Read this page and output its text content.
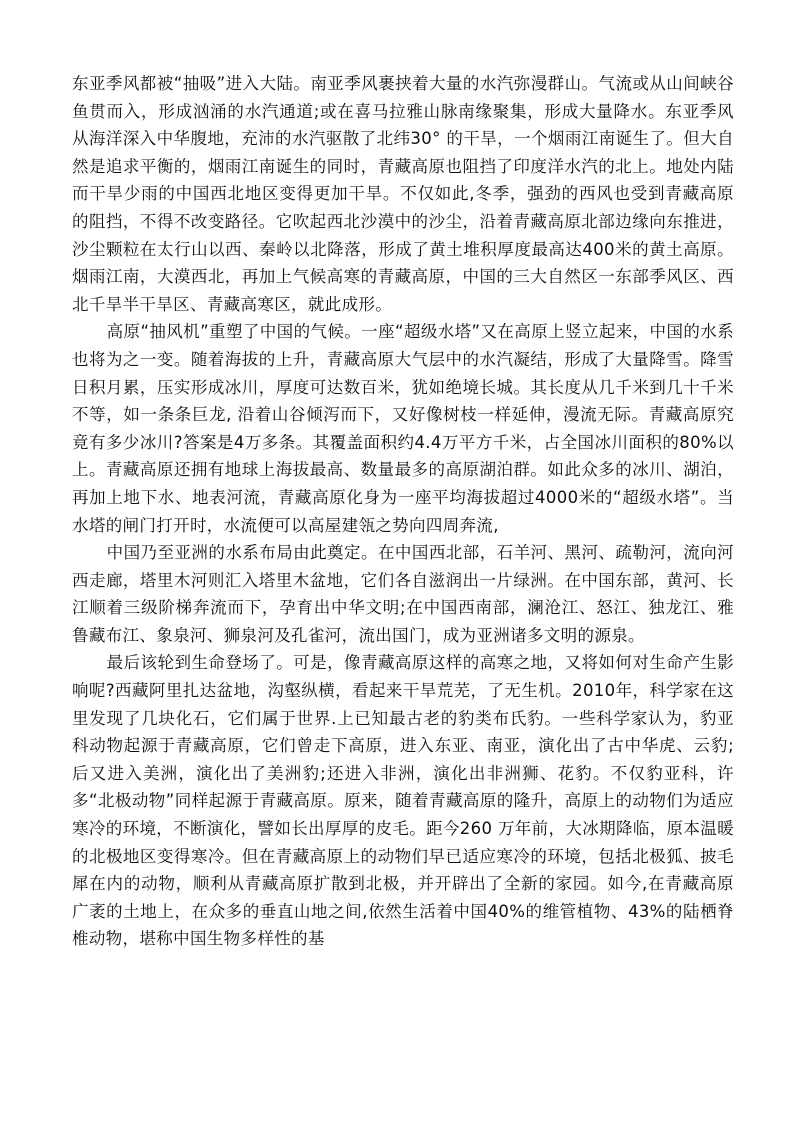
东亚季风都被“抽吸”进入大陆。南亚季风裹挟着大量的水汽弥漫群山。气流或从山间峡谷鱼贯而入，形成汹涌的水汽通道;或在喜马拉雅山脉南缘聚集，形成大量降水。东亚季风从海洋深入中华腹地，充沛的水汽驱散了北纬30° 的干旱，一个烟雨江南诞生了。但大自然是追求平衡的，烟雨江南诞生的同时，青藏高原也阻挡了印度洋水汽的北上。地处内陆而干旱少雨的中国西北地区变得更加干旱。不仅如此,冬季，强劲的西风也受到青藏高原的阻挡，不得不改变路径。它吹起西北沙漠中的沙尘，沿着青藏高原北部边缘向东推进，沙尘颗粒在太行山以西、秦岭以北降落，形成了黄土堆积厚度最高达400米的黄土高原。烟雨江南，大漠西北，再加上气候高寒的青藏高原，中国的三大自然区一东部季风区、西北千旱半干旱区、青藏高寒区，就此成形。

高原“抽风机”重塑了中国的气候。一座“超级水塔”又在高原上竖立起来，中国的水系也将为之一变。随着海拔的上升，青藏高原大气层中的水汽凝结，形成了大量降雪。降雪日积月累，压实形成冰川，厚度可达数百米，犹如绝境长城。其长度从几千米到几十千米不等，如一条条巨龙, 沿着山谷倾泻而下，又好像树枝一样延伸，漫流无际。青藏高原究竟有多少冰川?答案是4万多条。其覆盖面积约4.4万平方千米，占全国冰川面积的80%以上。青藏高原还拥有地球上海拔最高、数量最多的高原湖泊群。如此众多的冰川、湖泊，再加上地下水、地表河流，青藏高原化身为一座平均海拔超过4000米的“超级水塔”。当水塔的闸门打开时，水流便可以高屋建瓴之势向四周奔流,

中国乃至亚洲的水系布局由此奠定。在中国西北部，石羊河、黑河、疏勒河，流向河西走廊，塔里木河则汇入塔里木盆地，它们各自滋润出一片绿洲。在中国东部，黄河、长江顺着三级阶梯奔流而下，孕育出中华文明;在中国西南部，澜沧江、怒江、独龙江、雅鲁藏布江、象泉河、狮泉河及孔雀河，流出国门，成为亚洲诸多文明的源泉。

最后该轮到生命登场了。可是，像青藏高原这样的高寒之地，又将如何对生命产生影响呢?西藏阿里扎达盆地，沟壑纵横，看起来干旱荒芜，了无生机。2010年，科学家在这里发现了几块化石，它们属于世界.上已知最古老的豹类布氏豹。一些科学家认为，豹亚科动物起源于青藏高原，它们曾走下高原，进入东亚、南亚，演化出了古中华虎、云豹;后又进入美洲，演化出了美洲豹;还进入非洲，演化出非洲狮、花豹。不仅豹亚科，许多“北极动物”同样起源于青藏高原。原来，随着青藏高原的隆升，高原上的动物们为适应寒冷的环境，不断演化，譬如长出厚厚的皮毛。距今260 万年前，大冰期降临，原本温暖的北极地区变得寒冷。但在青藏高原上的动物们早已适应寒冷的环境，包括北极狐、披毛犀在内的动物，顺利从青藏高原扩散到北极，并开辟出了全新的家园。如今,在青藏高原广袤的土地上，在众多的垂直山地之间,依然生活着中国40%的维管植物、43%的陆栖脊椎动物，堪称中国生物多样性的基
